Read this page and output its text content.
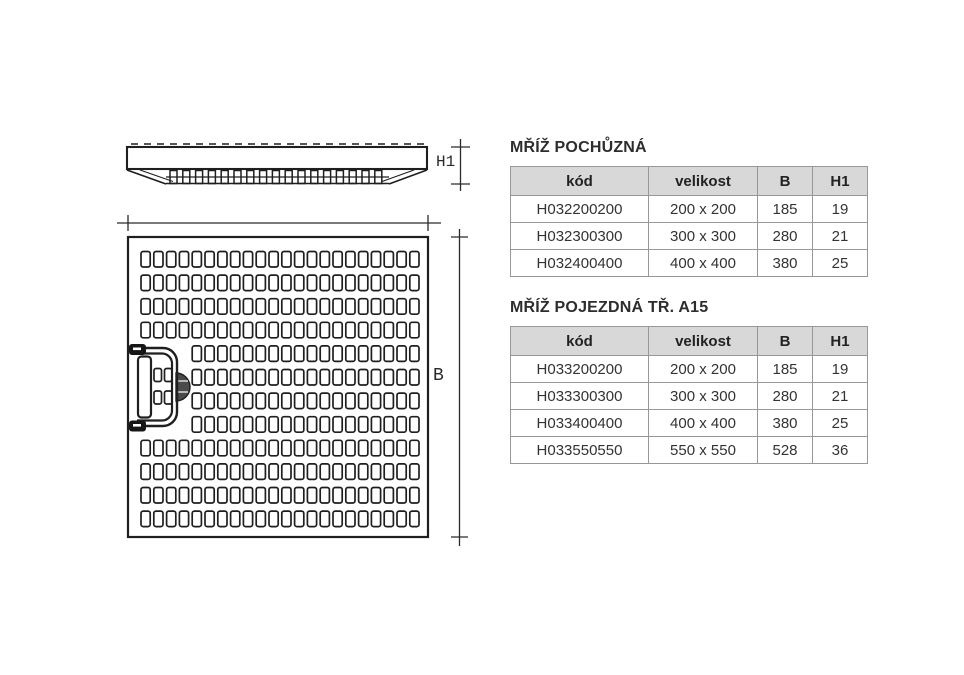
H1
B
MŘÍŽ POCHŮZNÁ
kód	velikost	B	H1
H032200200	200 x 200	185	19
H032300300	300 x 300	280	21
H032400400	400 x 400	380	25
MŘÍŽ POJEZDNÁ TŘ. A15
kód	velikost	B	H1
H033200200	200 x 200	185	19
H033300300	300 x 300	280	21
H033400400	400 x 400	380	25
H033550550	550 x 550	528	36
